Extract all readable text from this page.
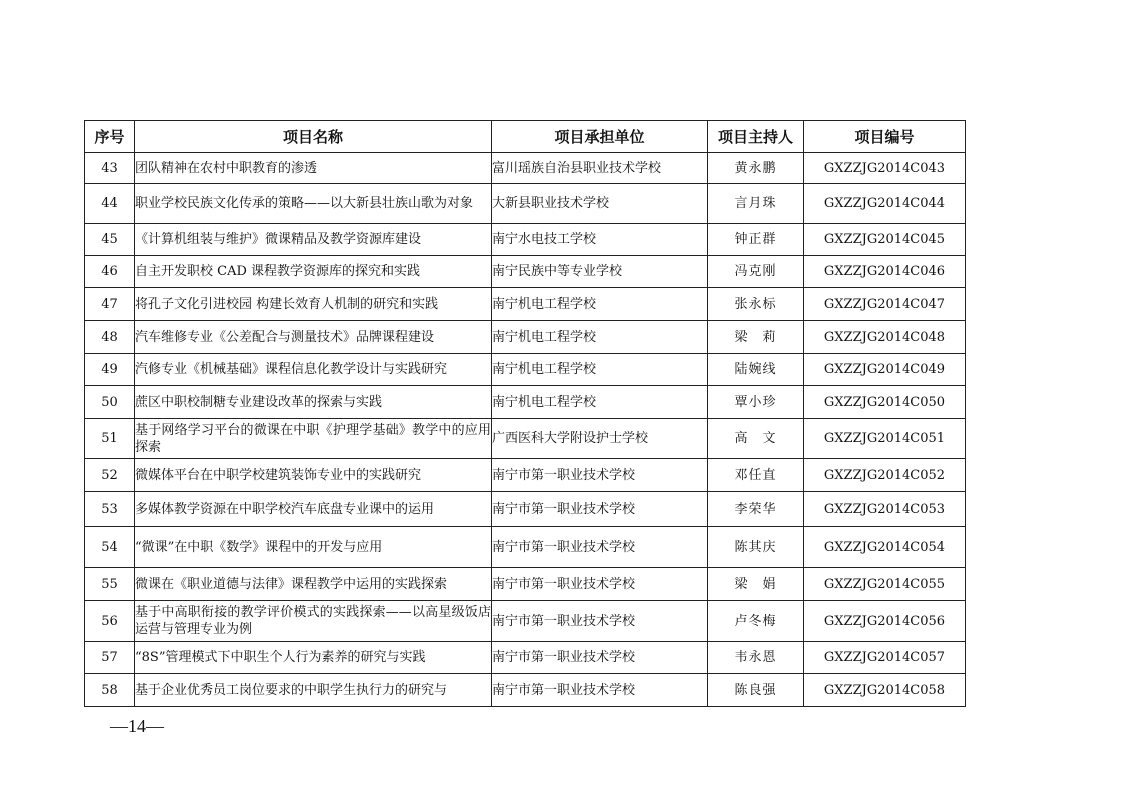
序号	项目名称	项目承担单位	项目主持人	项目编号
43	团队精神在农村中职教育的渗透	富川瑶族自治县职业技术学校	黄永鹏	GXZZJG2014C043
44	职业学校民族文化传承的策略——以大新县壮族山歌为对象	大新县职业技术学校	言月珠	GXZZJG2014C044
45	《计算机组装与维护》微课精品及教学资源库建设	南宁水电技工学校	钟正群	GXZZJG2014C045
46	自主开发职校 CAD 课程教学资源库的探究和实践	南宁民族中等专业学校	冯克刚	GXZZJG2014C046
47	将孔子文化引进校园 构建长效育人机制的研究和实践	南宁机电工程学校	张永标	GXZZJG2014C047
48	汽车维修专业《公差配合与测量技术》品牌课程建设	南宁机电工程学校	梁　莉	GXZZJG2014C048
49	汽修专业《机械基础》课程信息化教学设计与实践研究	南宁机电工程学校	陆婉线	GXZZJG2014C049
50	蔗区中职校制糖专业建设改革的探索与实践	南宁机电工程学校	覃小珍	GXZZJG2014C050
51	基于网络学习平台的微课在中职《护理学基础》教学中的应用探索	广西医科大学附设护士学校	高　文	GXZZJG2014C051
52	微媒体平台在中职学校建筑装饰专业中的实践研究	南宁市第一职业技术学校	邓任直	GXZZJG2014C052
53	多媒体教学资源在中职学校汽车底盘专业课中的运用	南宁市第一职业技术学校	李荣华	GXZZJG2014C053
54	“微课”在中职《数学》课程中的开发与应用	南宁市第一职业技术学校	陈其庆	GXZZJG2014C054
55	微课在《职业道德与法律》课程教学中运用的实践探索	南宁市第一职业技术学校	梁　娟	GXZZJG2014C055
56	基于中高职衔接的教学评价模式的实践探索——以高星级饭店运营与管理专业为例	南宁市第一职业技术学校	卢冬梅	GXZZJG2014C056
57	“8S”管理模式下中职生个人行为素养的研究与实践	南宁市第一职业技术学校	韦永恩	GXZZJG2014C057
58	基于企业优秀员工岗位要求的中职学生执行力的研究与	南宁市第一职业技术学校	陈良强	GXZZJG2014C058
—14—
